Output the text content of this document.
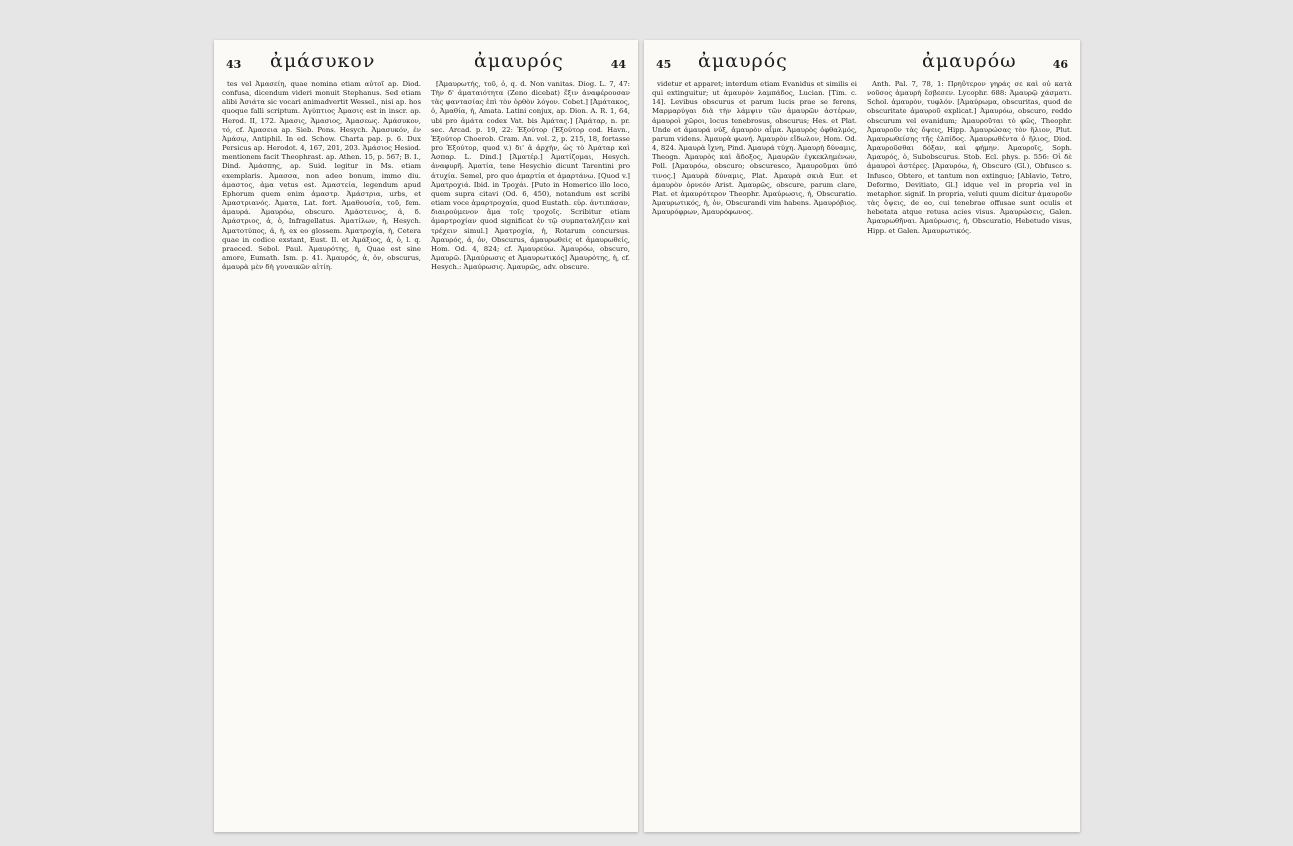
43 ἀμάσυκον	ἀμαυρός	44

tes vel Ἀμασείη, quae nomina etiam αὐτοῖ ap. Diod. confusa, dicendum videri monuit Stephanus. Sed etiam alibi Ἀσιάτα sic vocari animadvertit Wessel., nisi ap. hos quoque falli scriptum. Ἀγύπτιος Ἀμασις est in inscr. ap. Herod. II, 172. Ἀμασις, Ἀμασιος, Ἀμασεως. Ἀμάσυκον, τό, cf. Ἀμασεια ap. Sieb. Pons. Hesych. Ἀμασυκόν, ἐν Ἀμάσῳ, Antiphil. In ed. Schow. Charta pap. p. 6. Dux Persicus ap. Herodot. 4, 167, 201, 203. Ἀμάσιος Hesiod. mentionem facit Theophrast. ap. Athen. 15, p. 567; B. I., Dind. Ἀμάσπης, ap. Suid. legitur in Ms. etiam exemplaris. Ἀμασσα, non adeo bonum, immo diu. ἀμαστος, ἀμα vetus est. Ἀμαστεία, legendum apud Ephorum quem enim ἀμαστρ. Ἀμάστρια, urbs, et Ἀμαστριανός. Ἀματα, Lat. fort. Ἀμαθουσία, τοῦ, fem. ἀμαυρά. Ἀμαυρόω, obscuro. Ἀμάστεινος, ἀ, δ. Ἀμάστριος, ἀ, ὁ, Infragellatus. Ἀματίλων, ἡ, Hesych. Ἀματοτύπος, ἀ, ἡ, ex eo glossem. Ἀματροχία, ἡ, Cetera quae in codice exstant, Eust. Il. et Ἀμάξιος, ἀ, ὁ, l. q. praeced. Sebol. Paul. Ἀμαυρότης, ἡ, Quae est sine amore, Eumath. Ism. p. 41. Ἀμαυρός, ἀ, ὁν, obscurus, ἀμαυρὰ μὲν δὴ γυναικῶν αἰτίη.

[Ἀμαυρωτής, τοῦ, ὁ, q. d. Non vanitas. Diog. L. 7, 47: Τὴν δ' ἀματαιότητα (Zeno dicebat) ἕξιν ἀναφέρουσαν τὰς φαντασίας ἐπὶ τὸν ὀρθὸν λόγον. Cobet.] [Ἀμάτακος, ὁ, Ἀμαθία, ἡ, Amata. Latini conjux, ap. Dion. A. R. 1, 64, ubi pro ἀμάτα codex Vat. bis Ἀμάτας.] [Ἀμάταρ, n. pr. sec. Arcad. p. 19, 22: Ἐξούτορ (Ἐξούτορ cod. Havn., Ἐξούτορ Choerob. Cram. An. vol. 2, p. 215, 18, fortasse pro Ἐξούτορ, quod v.) δι' ἀ ἀρχήν, ὡς τὸ Ἀμάταρ καὶ Ἀσπαρ. L. Dind.] [Ἀματέρ.] Ἀματίζομαι, Hesych. ἀναφυρῆ. Ἀματία, tene Hesychio dicunt Tarentini pro ἀτυχία. Semel, pro quo ἀμαρτία et ἀμαρτάνω. [Quod v.] Ἀματροχιά. Ibid. in Τροχάι. [Puto in Homerico illo loco, quem supra citavi (Od. 6, 450), notandum est scribi etiam voce ἀμαρτροχαία, quod Eustath. εὐρ. ἀντιπάσαν, διαιρούμενον ἅμα τοῖς τροχοῖς. Scribitur etiam ἁμαρτροχίαν quod significat ἐν τῷ συμπαταλήζειν καὶ τρέχειν simul.] Ἀματροχία, ἡ, Rotarum concursus. Ἁμαυρός, ἀ, ὁν, Obscurus, ἀμαυρωθεὶς et ἀμαυρωθείς, Hom. Od. 4, 824; cf. Ἀμαυρεύω. Ἀμαυρόω, obscuro, Ἀμαυρῶ. [Ἀμαύρωσις et Ἀμαυρωτικός] Ἀμαυρότης, ἡ, cf. Hesych.: Ἀμαύρωσις. Ἁμαυρῶς, adv. obscure.

45 ἀμαυρός	ἀμαυρόω	46

videtur et apparet; interdum etiam Evanidus et similis ei qui extinguitur; ut ἀμαυρὸν λαμπάδος, Lucian. [Tim. c. 14]. Levibus obscurus et parum lucis prae se ferens, Μαρμαρύγαι διὰ τὴν λάμψιν τῶν ἀμαυρῶν ἀστέρων, ἀμαυροὶ χῶροι, locus tenebrosus, obscurus; Hes. et Plat. Unde et ἀμαυρά νύξ, ἀμαυρὸν αἷμα. Ἀμαυρὸς ὀφθαλμός, parum videns. Ἀμαυρὰ φωνή. Ἀμαυρὸν εἴδωλον, Hom. Od. 4, 824. Ἀμαυρὰ ἴχνη, Pind. Ἀμαυρά τύχη. Ἀμαυρὴ δύναμις, Theogn. Ἀμαυρὸς καὶ ἄδοξος, Ἀμαυρῶν ἐγκεκλημένων, Poll. [Ἀμαυρόω, obscuro; obscuresco, Ἀμαυροῦμαι ὑπό τινος.] Ἀμαυρὰ δύναμις, Plat. Ἀμαυρὰ σκιὰ Eur. et ἀμαυρὸν ὀρνεόν Arist. Ἀμαυρῶς, obscure, parum clare, Plat. et ἀμαυρότερον Theophr. Ἀμαύρωσις, ἡ, Obscuratio. Ἀμαυρωτικός, ἡ, ὁν, Obscurandi vim habens. Ἀμαυρόβιος. Ἀμαυρόφρων, Ἀμαυρόφωνος.

Anth. Pal. 7, 78, 1: Πρηΰτερον γηράς σε καὶ οὐ κατὰ νοῦσος ἀμαυρὴ ἔσβεσεν. Lycophr. 688: Ἀμαυρῷ χάσματι. Schol. ἀμαυρὸν, τυφλόν. [Ἀμαύρωμα, obscuritas, quod de obscuritate ἀμαυροῦ explicat.] Ἀμαυρόω, obscuro, reddo obscurum vel evanidum; Ἀμαυροῦται τὸ φῶς, Theophr. Ἀμαυροῦν τὰς ὄψεις, Hipp. Ἀμαυρώσας τὸν ἥλιον, Plut. Ἀμαυρωθείσης τῆς ἐλπίδος. Ἀμαυρωθέντα ὁ ἥλιος, Diod. Ἀμαυροῦσθαι δόξαν, καὶ φήμην. Ἀμαυροῖς, Soph. Ἀμαυρός, ὁ, Subobscurus. Stob. Ecl. phys. p. 556: Οἱ δὲ ἀμαυροὶ ἀστέρες. [Ἀμαυρόω, ἡ, Obscuro (Gl.), Obfusco s. Infusco, Obtero, et tantum non extinguo; [Ablavio, Tetro, Deformo, Devitiato, Gl.] idque vel in propria vel in metaphor. signif. In propria, veluti quum dicitur ἀμαυροῦν τὰς ὄψεις, de eo, cui tenebrae offusae sunt oculis et hebetata atque retusa acies visus. Ἀμαυρώσεις, Galen. Ἀμαυρωθῆναι. Ἀμαύρωσις, ἡ, Obscuratio, Hebetudo visus, Hipp. et Galen. Ἀμαυρωτικός.
